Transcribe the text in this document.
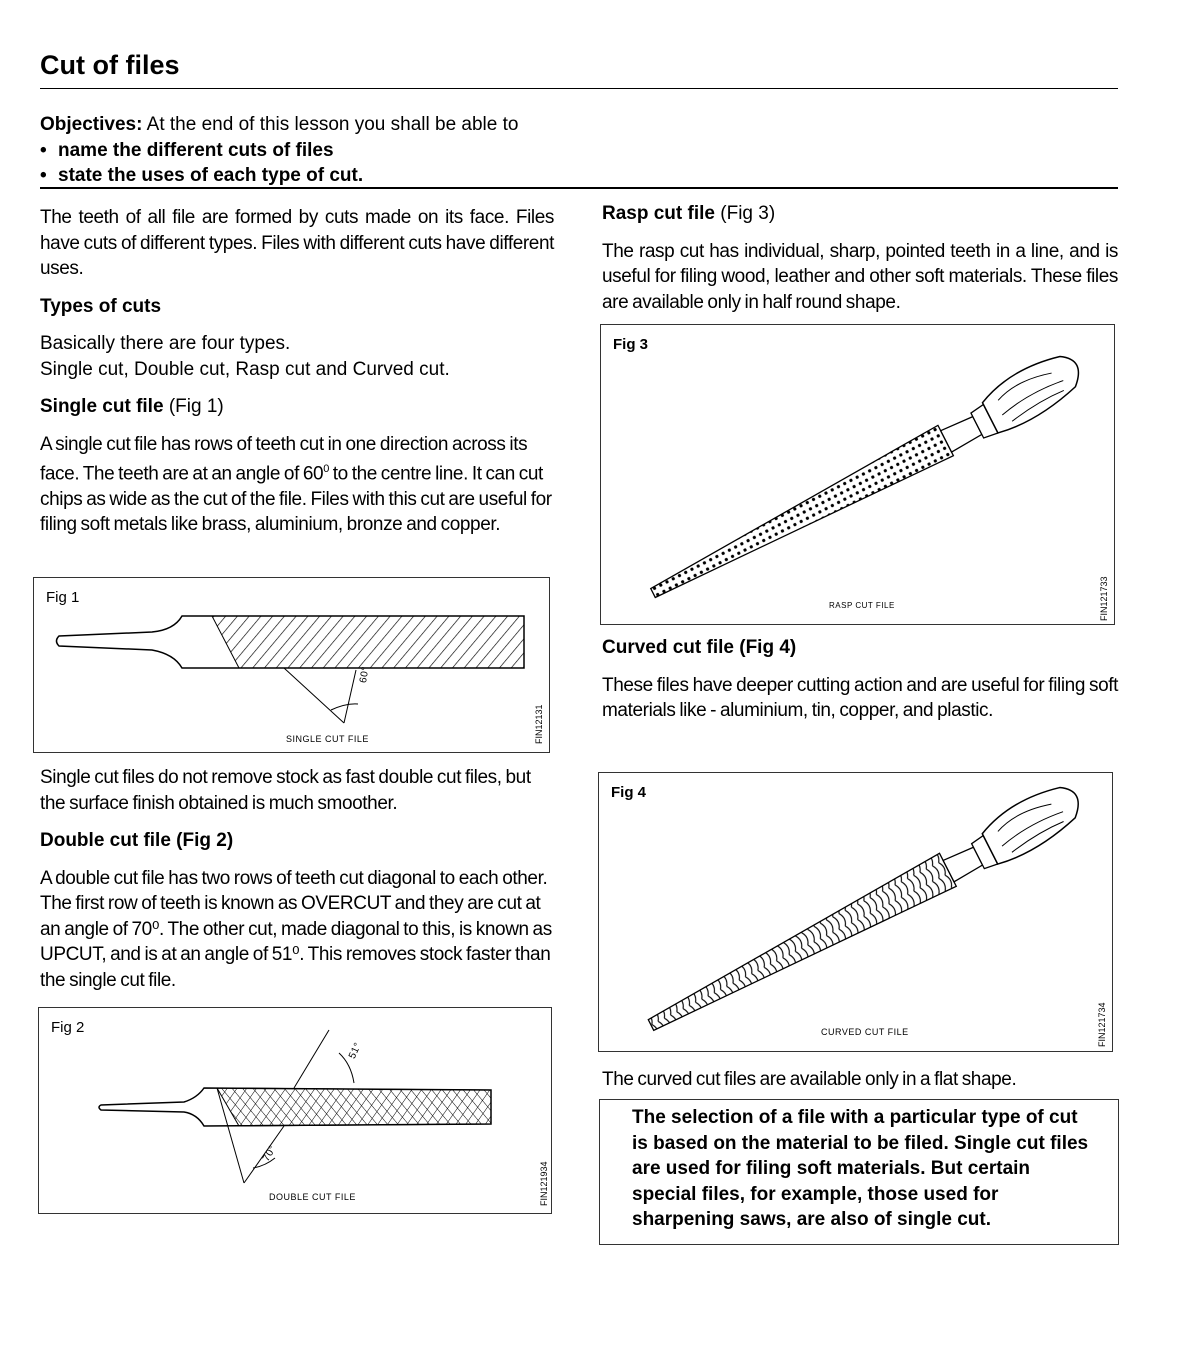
Cut of files
Objectives: At the end of this lesson you shall be able to
• name the different cuts of files
• state the uses of each type of cut.

The teeth of all file are formed by cuts made on its face. Files have cuts of different types. Files with different cuts have different uses.

Types of cuts

Basically there are four types.

Single cut, Double cut, Rasp cut and Curved cut.

Single cut file (Fig 1)

A single cut file has rows of teeth cut in one direction across its face. The teeth are at an angle of $60^0$ to the centre line. It can cut chips as wide as the cut of the file. Files with this cut are useful for filing soft metals like brass, aluminium, bronze and copper.

Single cut files do not remove stock as fast double cut files, but the surface finish obtained is much smoother.

Double cut file (Fig 2)

A double cut file has two rows of teeth cut diagonal to each other. The first row of teeth is known as OVERCUT and they are cut at an angle of 70⁰. The other cut, made diagonal to this, is known as UPCUT, and is at an angle of 51⁰. This removes stock faster than the single cut file.

Fig 1
60°
SINGLE CUT FILE	FIN12131
Fig 2
51°
70°
DOUBLE CUT FILE	FIN121934
Rasp cut file (Fig 3)

The rasp cut has individual, sharp, pointed teeth in a line, and is useful for filing wood, leather and other soft materials. These files are available only in half round shape.

Fig 3
RASP CUT FILE	FIN121733
Curved cut file (Fig 4)

These files have deeper cutting action and are useful for filing soft materials like - aluminium, tin, copper, and plastic.

Fig 4
CURVED CUT FILE	FIN121734

The curved cut files are available only in a flat shape.

The selection of a file with a particular type of cut is based on the material to be filed. Single cut files are used for filing soft materials. But certain special files, for example, those used for sharpening saws, are also of single cut.
